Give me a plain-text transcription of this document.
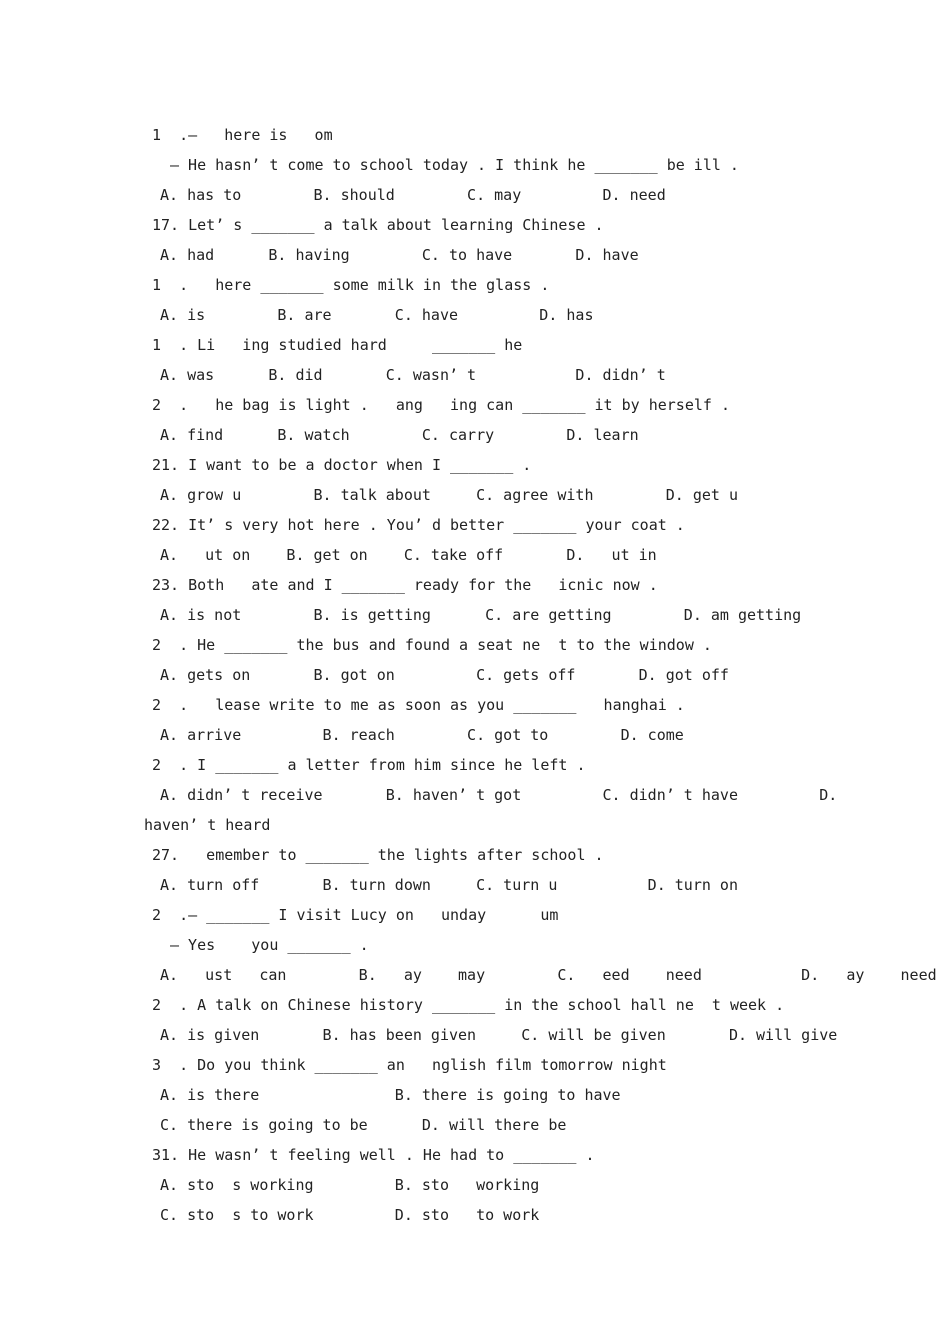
1  .—   here is   om
— He hasn’ t come to school today . I think he _______ be ill .
A. has to        B. should        C. may         D. need
17. Let’ s _______ a talk about learning Chinese .
A. had      B. having        C. to have       D. have
1  .   here _______ some milk in the glass .
A. is        B. are       C. have         D. has
1  . Li   ing studied hard     _______ he
A. was      B. did       C. wasn’ t           D. didn’ t
2  .   he bag is light .   ang   ing can _______ it by herself .
A. find      B. watch        C. carry        D. learn
21. I want to be a doctor when I _______ .
A. grow u        B. talk about     C. agree with        D. get u
22. It’ s very hot here . You’ d better _______ your coat .
A.   ut on    B. get on    C. take off       D.   ut in
23. Both   ate and I _______ ready for the   icnic now .
A. is not        B. is getting      C. are getting        D. am getting
2  . He _______ the bus and found a seat ne  t to the window .
A. gets on       B. got on         C. gets off       D. got off
2  .   lease write to me as soon as you _______   hanghai .
A. arrive         B. reach        C. got to        D. come
2  . I _______ a letter from him since he left .
A. didn’ t receive       B. haven’ t got         C. didn’ t have         D.
haven’ t heard
27.   emember to _______ the lights after school .
A. turn off       B. turn down     C. turn u          D. turn on
2  .— _______ I visit Lucy on   unday      um
— Yes    you _______ .
A.   ust   can        B.   ay    may        C.   eed    need           D.   ay    need
2  . A talk on Chinese history _______ in the school hall ne  t week .
A. is given       B. has been given     C. will be given       D. will give
3  . Do you think _______ an   nglish film tomorrow night
A. is there               B. there is going to have
C. there is going to be      D. will there be
31. He wasn’ t feeling well . He had to _______ .
A. sto  s working         B. sto   working
C. sto  s to work         D. sto   to work
